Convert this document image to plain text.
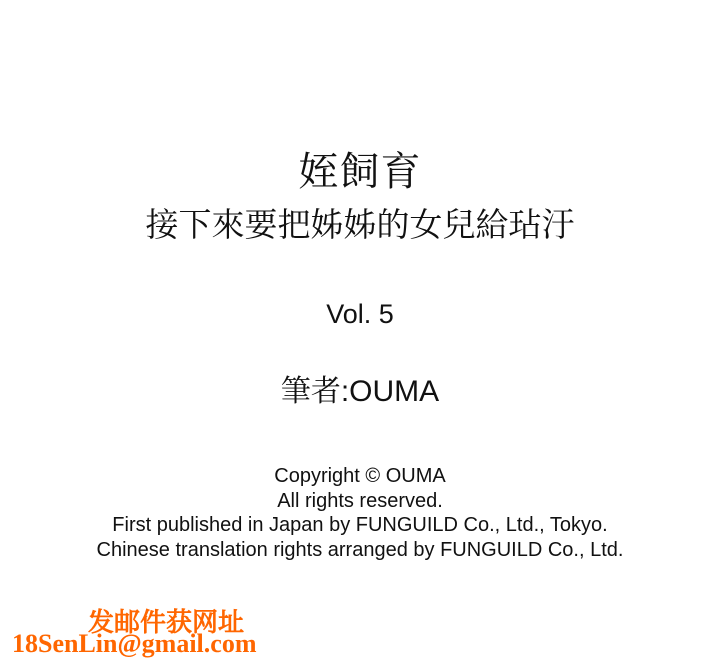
姪飼育
接下來要把姊姊的女兒給玷汙
Vol. 5
筆者:OUMA
Copyright © OUMA
All rights reserved.
First published in Japan by FUNGUILD Co., Ltd., Tokyo.
Chinese translation rights arranged by FUNGUILD Co., Ltd.
发邮件获网址
18SenLin@gmail.com
